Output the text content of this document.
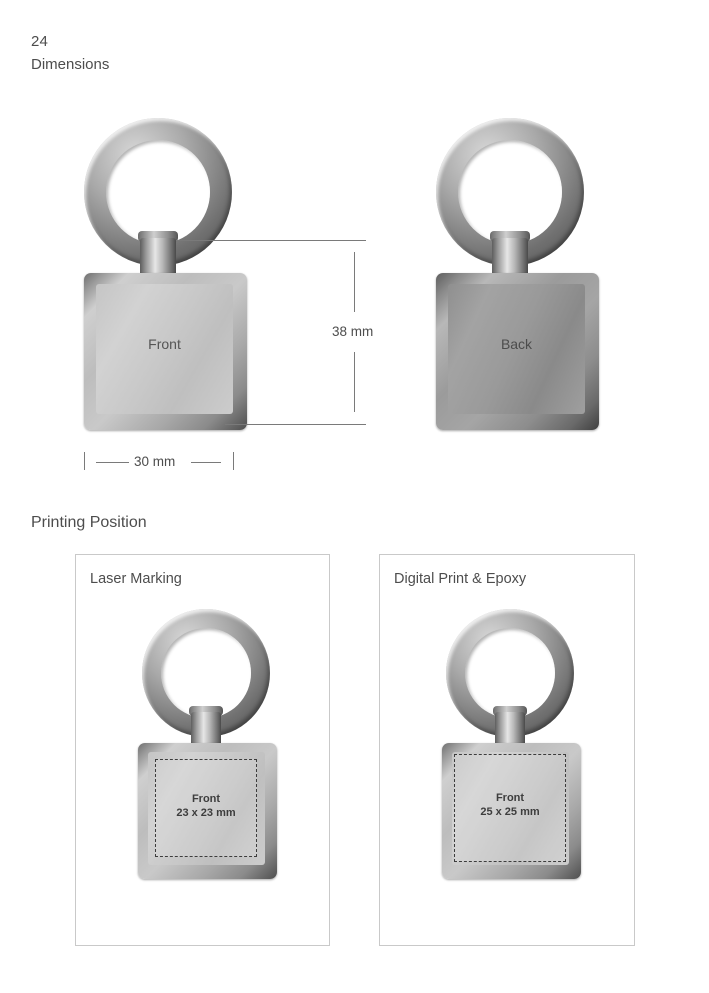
24
Dimensions
Front
38 mm
30 mm
Back
Printing Position
Laser Marking
Front
23 x 23 mm
Digital Print & Epoxy
Front
25 x 25 mm
